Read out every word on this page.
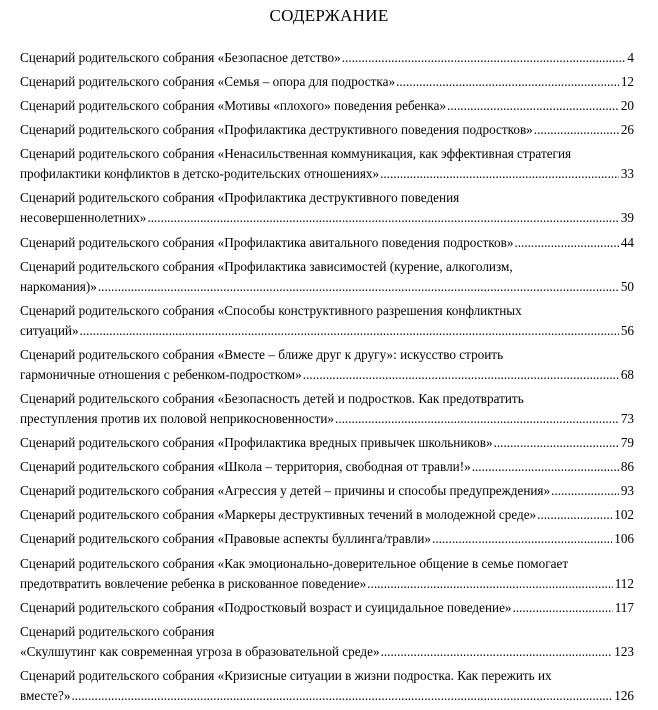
СОДЕРЖАНИЕ
Сценарий родительского собрания «Безопасное детство» .....	4
Сценарий родительского собрания «Семья – опора для подростка» .....	12
Сценарий родительского собрания «Мотивы «плохого» поведения ребенка» .....	20
Сценарий родительского собрания «Профилактика деструктивного поведения подростков» .....	26
Сценарий родительского собрания «Ненасильственная коммуникация, как эффективная стратегия
профилактики конфликтов в детско-родительских отношениях» .....	33
Сценарий родительского собрания «Профилактика деструктивного поведения
несовершеннолетних» .....	39
Сценарий родительского собрания «Профилактика авитального поведения подростков» .....	44
Сценарий родительского собрания «Профилактика зависимостей (курение, алкоголизм,
наркомания)» .....	50
Сценарий родительского собрания «Способы конструктивного разрешения конфликтных
ситуаций» .....	56
Сценарий родительского собрания «Вместе – ближе друг к другу»: искусство строить
гармоничные отношения с ребенком-подростком» .....	68
Сценарий родительского собрания «Безопасность детей и подростков. Как предотвратить
преступления против их половой неприкосновенности» .....	73
Сценарий родительского собрания «Профилактика вредных привычек школьников» .....	79
Сценарий родительского собрания «Школа – территория, свободная от травли!» .....	86
Сценарий родительского собрания «Агрессия у детей – причины и способы предупреждения» .....	93
Сценарий родительского собрания «Маркеры деструктивных течений в молодежной среде» .....	102
Сценарий родительского собрания «Правовые аспекты буллинга/травли» .....	106
Сценарий родительского собрания «Как эмоционально-доверительное общение в семье помогает
предотвратить вовлечение ребенка в рискованное поведение» .....	112
Сценарий родительского собрания «Подростковый возраст и суицидальное поведение» .....	117
Сценарий родительского собрания
«Скулшутинг как современная угроза в образовательной среде» .....	123
Сценарий родительского собрания «Кризисные ситуации в жизни подростка. Как пережить их
вместе?» .....	126
